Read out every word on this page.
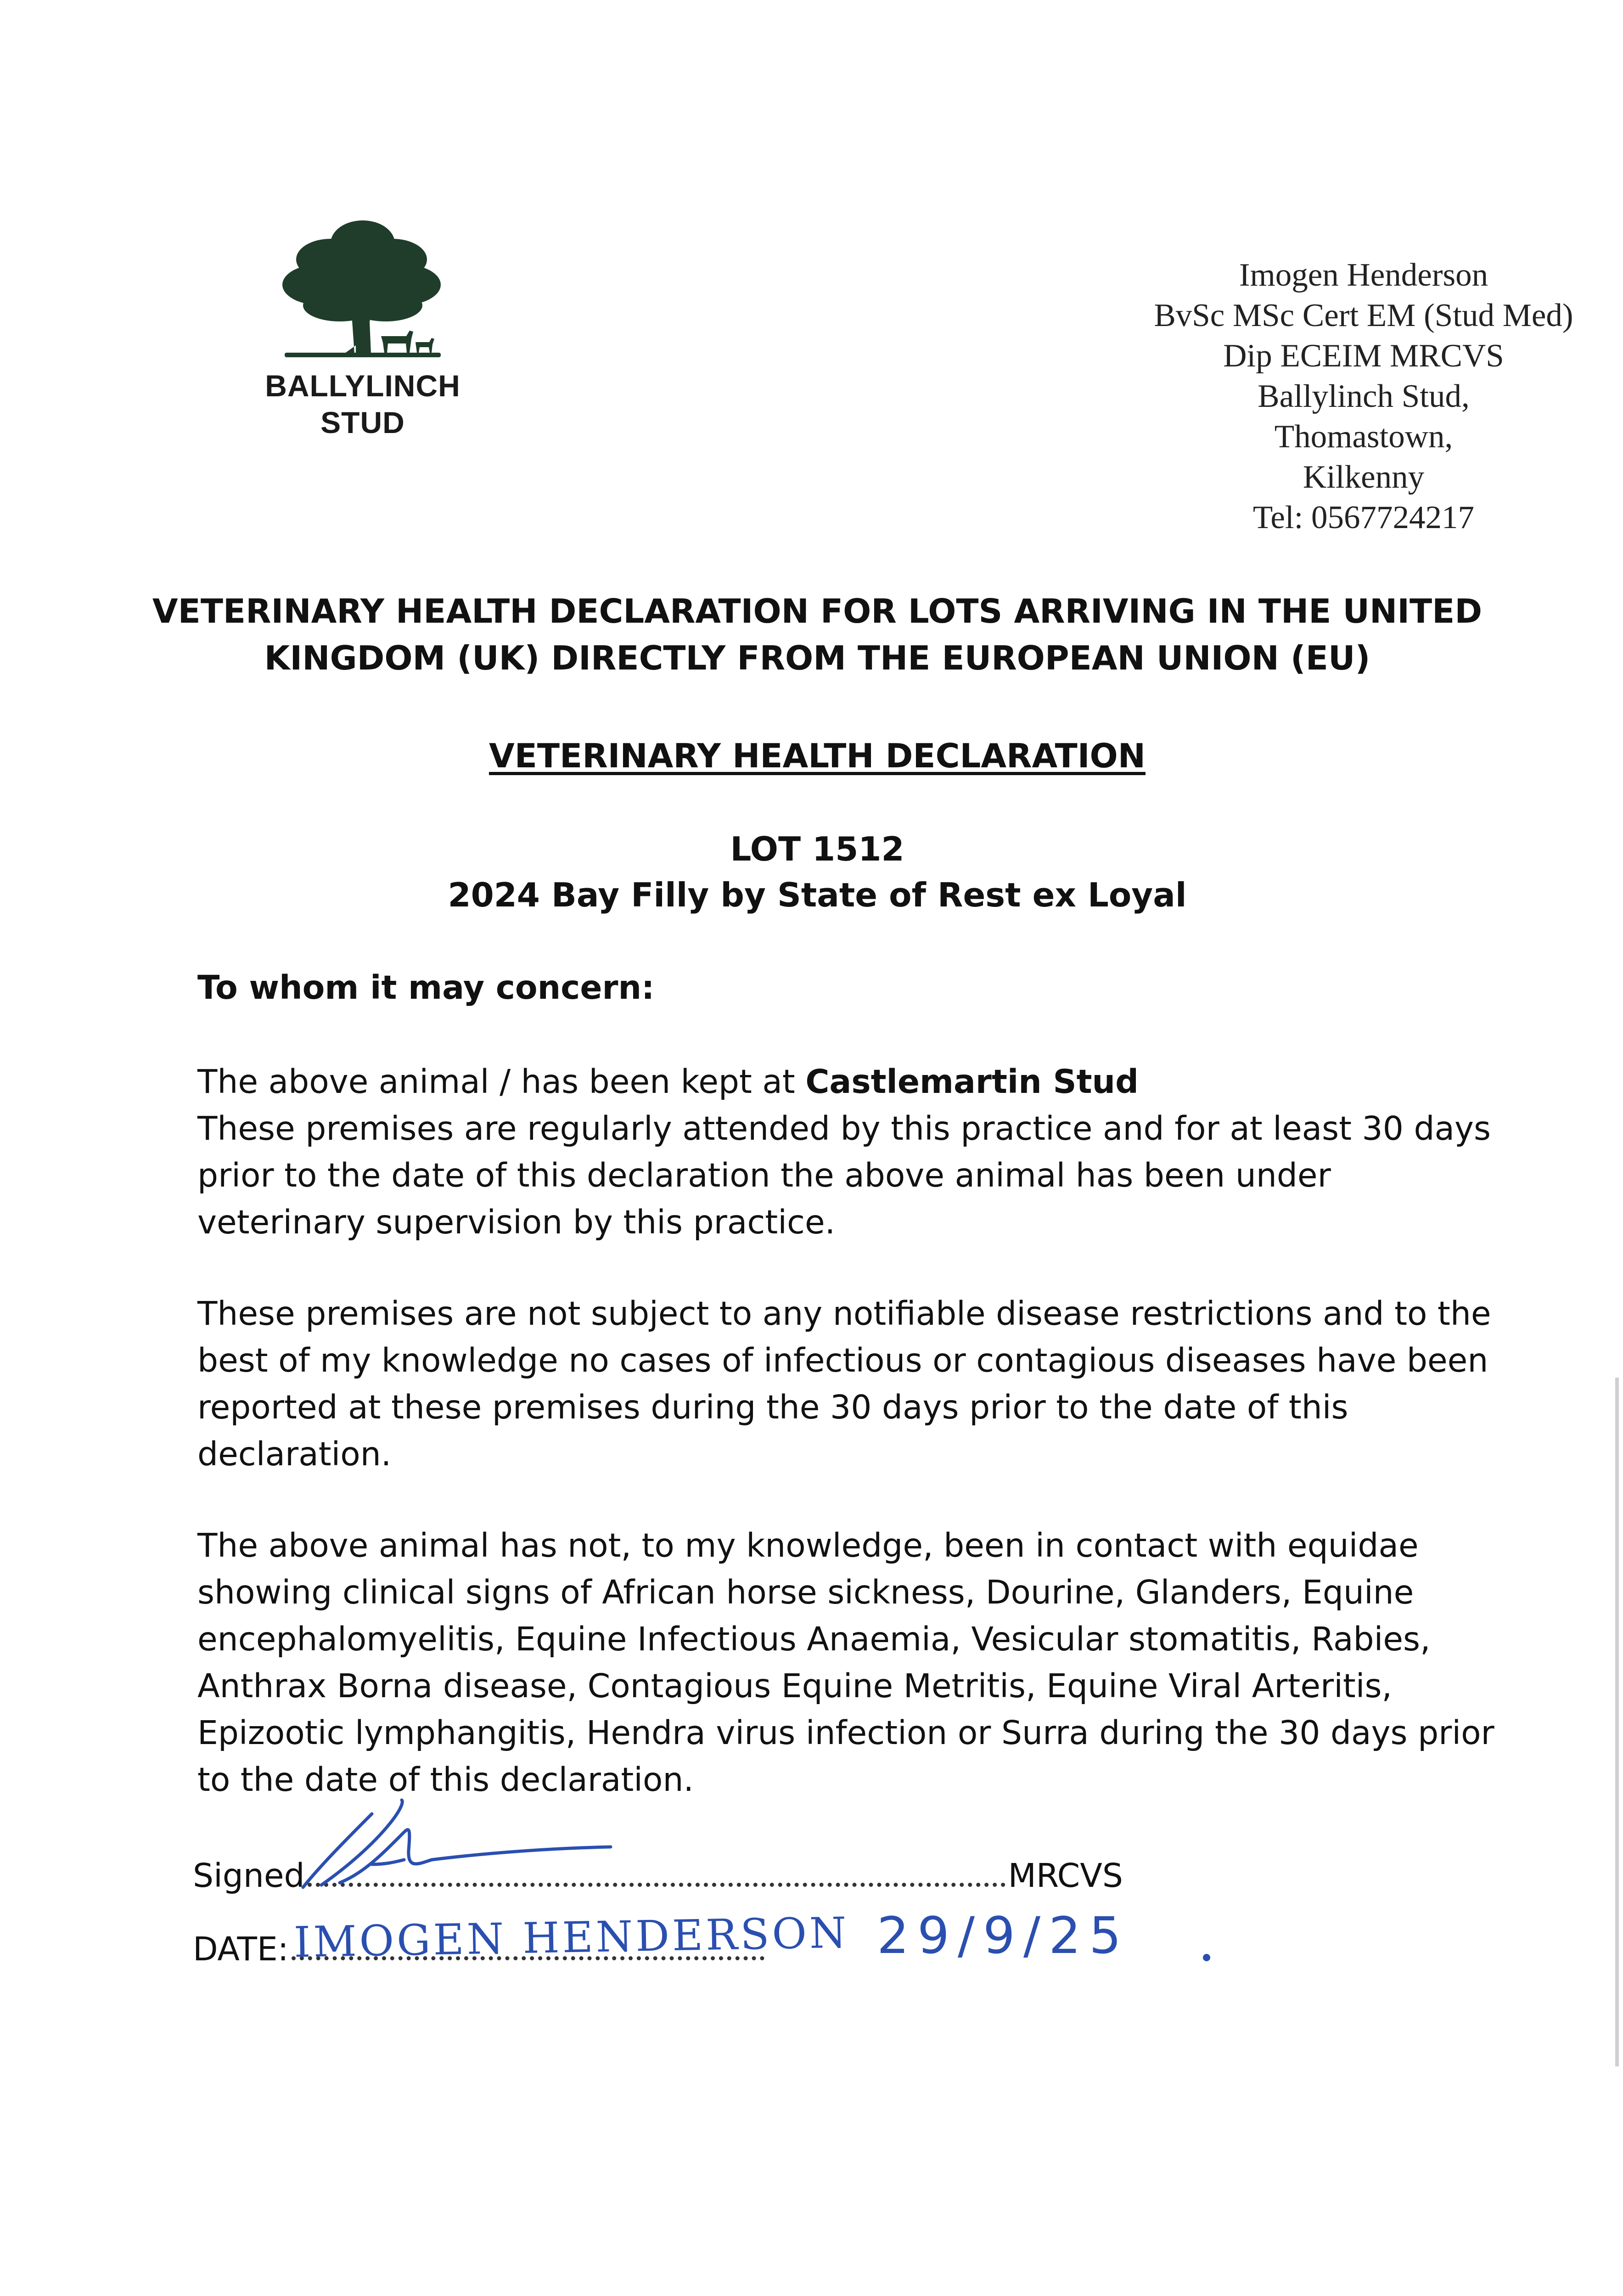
BALLYLINCH
STUD
Imogen Henderson
BvSc MSc Cert EM (Stud Med)
Dip ECEIM MRCVS
Ballylinch Stud,
Thomastown,
Kilkenny
Tel: 0567724217
VETERINARY HEALTH DECLARATION FOR LOTS ARRIVING IN THE UNITED
KINGDOM (UK) DIRECTLY FROM THE EUROPEAN UNION (EU)
VETERINARY HEALTH DECLARATION
LOT 1512
2024 Bay Filly by State of Rest ex Loyal
To whom it may concern:
The above animal / has been kept at Castlemartin Stud
These premises are regularly attended by this practice and for at least 30 days
prior to the date of this declaration the above animal has been under
veterinary supervision by this practice.
These premises are not subject to any notifiable disease restrictions and to the
best of my knowledge no cases of infectious or contagious diseases have been
reported at these premises during the 30 days prior to the date of this
declaration.
The above animal has not, to my knowledge, been in contact with equidae
showing clinical signs of African horse sickness, Dourine, Glanders, Equine
encephalomyelitis, Equine Infectious Anaemia, Vesicular stomatitis, Rabies,
Anthrax Borna disease, Contagious Equine Metritis, Equine Viral Arteritis,
Epizootic lymphangitis, Hendra virus infection or Surra during the 30 days prior
to the date of this declaration.
Signed	MRCVS
DATE: IMOGEN HENDERSON 29/9/25
